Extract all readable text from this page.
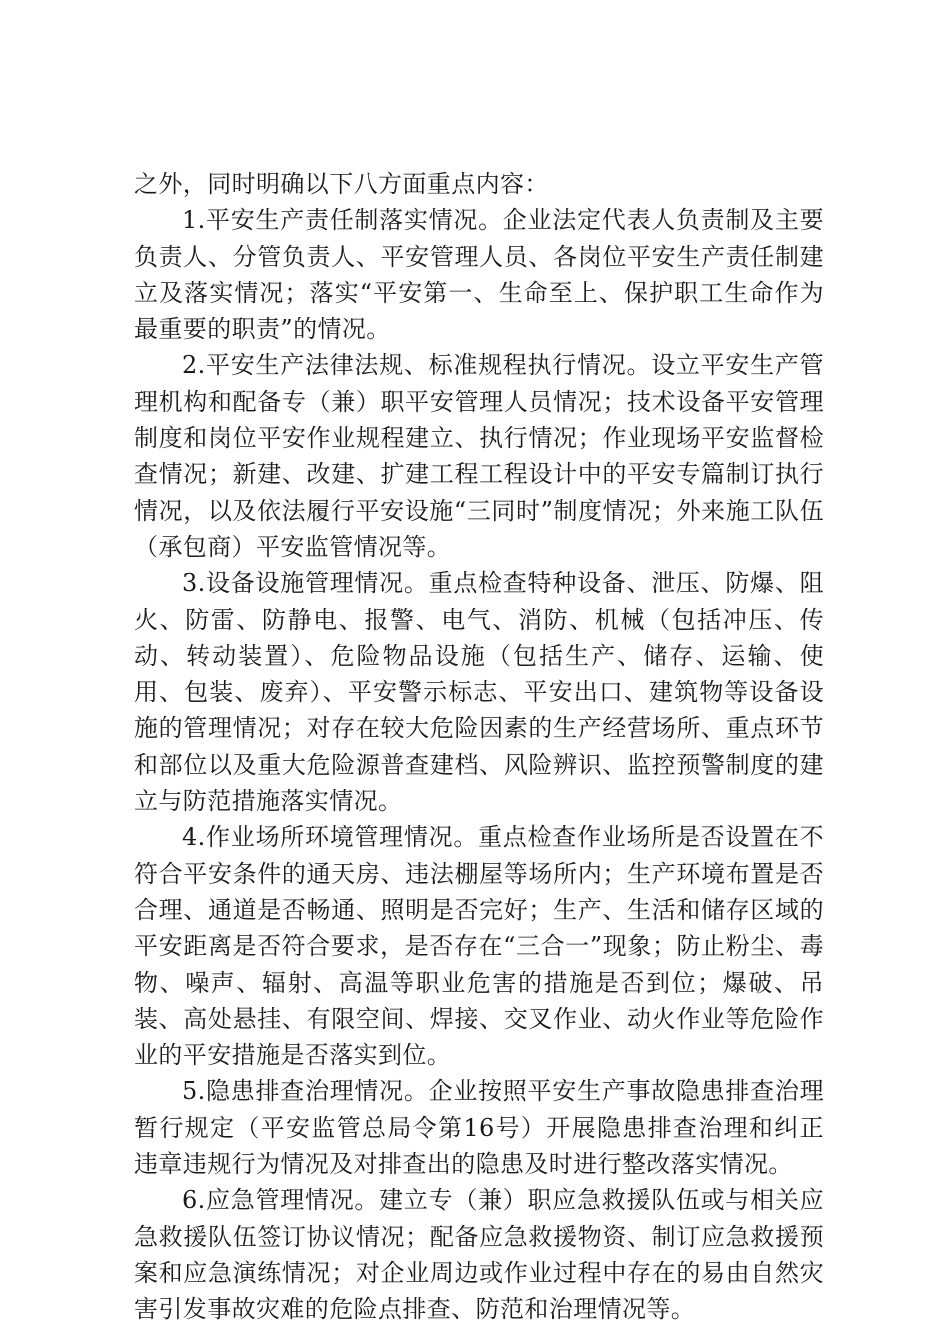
之外，同时明确以下八方面重点内容：

1.平安生产责任制落实情况。企业法定代表人负责制及主要负责人、分管负责人、平安管理人员、各岗位平安生产责任制建立及落实情况；落实“平安第一、生命至上、保护职工生命作为最重要的职责”的情况。

2.平安生产法律法规、标准规程执行情况。设立平安生产管理机构和配备专（兼）职平安管理人员情况；技术设备平安管理制度和岗位平安作业规程建立、执行情况；作业现场平安监督检查情况；新建、改建、扩建工程工程设计中的平安专篇制订执行情况，以及依法履行平安设施“三同时”制度情况；外来施工队伍（承包商）平安监管情况等。

3.设备设施管理情况。重点检查特种设备、泄压、防爆、阻火、防雷、防静电、报警、电气、消防、机械（包括冲压、传动、转动装置）、危险物品设施（包括生产、储存、运输、使用、包装、废弃）、平安警示标志、平安出口、建筑物等设备设施的管理情况；对存在较大危险因素的生产经营场所、重点环节和部位以及重大危险源普查建档、风险辨识、监控预警制度的建立与防范措施落实情况。

4.作业场所环境管理情况。重点检查作业场所是否设置在不符合平安条件的通天房、违法棚屋等场所内；生产环境布置是否合理、通道是否畅通、照明是否完好；生产、生活和储存区域的平安距离是否符合要求，是否存在“三合一”现象；防止粉尘、毒物、噪声、辐射、高温等职业危害的措施是否到位；爆破、吊装、高处悬挂、有限空间、焊接、交叉作业、动火作业等危险作业的平安措施是否落实到位。

5.隐患排查治理情况。企业按照平安生产事故隐患排查治理暂行规定（平安监管总局令第16号）开展隐患排查治理和纠正违章违规行为情况及对排查出的隐患及时进行整改落实情况。

6.应急管理情况。建立专（兼）职应急救援队伍或与相关应急救援队伍签订协议情况；配备应急救援物资、制订应急救援预案和应急演练情况；对企业周边或作业过程中存在的易由自然灾害引发事故灾难的危险点排查、防范和治理情况等。
